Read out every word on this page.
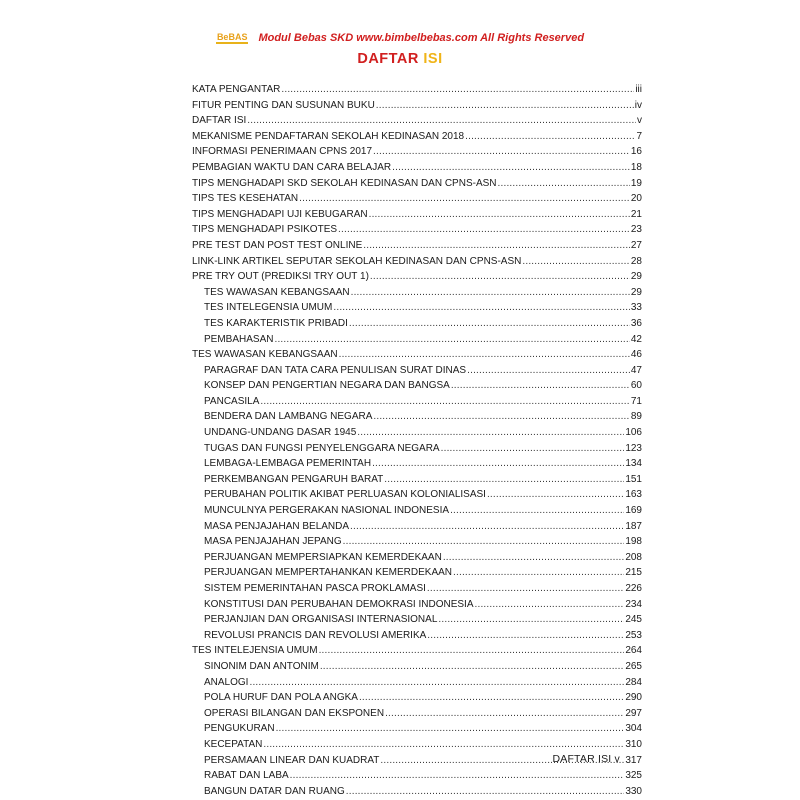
BeBAS Modul Bebas SKD www.bimbelbebas.com All Rights Reserved
DAFTAR ISI
KATA PENGANTAR .....	iii
FITUR PENTING DAN SUSUNAN BUKU .....	iv
DAFTAR ISI .....	v
MEKANISME PENDAFTARAN SEKOLAH KEDINASAN 2018 .....	7
INFORMASI PENERIMAAN CPNS 2017 .....	16
PEMBAGIAN WAKTU DAN CARA BELAJAR .....	18
TIPS MENGHADAPI SKD SEKOLAH KEDINASAN DAN CPNS-ASN .....	19
TIPS TES KESEHATAN .....	20
TIPS MENGHADAPI UJI KEBUGARAN .....	21
TIPS MENGHADAPI PSIKOTES .....	23
PRE TEST DAN POST TEST ONLINE .....	27
LINK-LINK ARTIKEL SEPUTAR SEKOLAH KEDINASAN DAN CPNS-ASN .....	28
PRE TRY OUT (PREDIKSI TRY OUT 1) .....	29
TES WAWASAN KEBANGSAAN .....	29
TES INTELEGENSIA UMUM .....	33
TES KARAKTERISTIK PRIBADI .....	36
PEMBAHASAN .....	42
TES WAWASAN KEBANGSAAN .....	46
PARAGRAF DAN TATA CARA PENULISAN SURAT DINAS .....	47
KONSEP DAN PENGERTIAN NEGARA DAN BANGSA .....	60
PANCASILA .....	71
BENDERA DAN LAMBANG NEGARA .....	89
UNDANG-UNDANG DASAR 1945 .....	106
TUGAS DAN FUNGSI PENYELENGGARA NEGARA .....	123
LEMBAGA-LEMBAGA PEMERINTAH .....	134
PERKEMBANGAN PENGARUH BARAT .....	151
PERUBAHAN POLITIK AKIBAT PERLUASAN KOLONIALISASI .....	163
MUNCULNYA PERGERAKAN NASIONAL INDONESIA .....	169
MASA PENJAJAHAN BELANDA .....	187
MASA PENJAJAHAN JEPANG .....	198
PERJUANGAN MEMPERSIAPKAN KEMERDEKAAN .....	208
PERJUANGAN MEMPERTAHANKAN KEMERDEKAAN .....	215
SISTEM PEMERINTAHAN PASCA PROKLAMASI .....	226
KONSTITUSI DAN PERUBAHAN DEMOKRASI INDONESIA .....	234
PERJANJIAN DAN ORGANISASI INTERNASIONAL .....	245
REVOLUSI PRANCIS DAN REVOLUSI AMERIKA .....	253
TES INTELEJENSIA UMUM .....	264
SINONIM DAN ANTONIM .....	265
ANALOGI .....	284
POLA HURUF DAN POLA ANGKA .....	290
OPERASI BILANGAN DAN EKSPONEN .....	297
PENGUKURAN .....	304
KECEPATAN .....	310
PERSAMAAN LINEAR DAN KUADRAT .....	317
RABAT DAN LABA .....	325
BANGUN DATAR DAN RUANG .....	330
DAFTAR ISI v
